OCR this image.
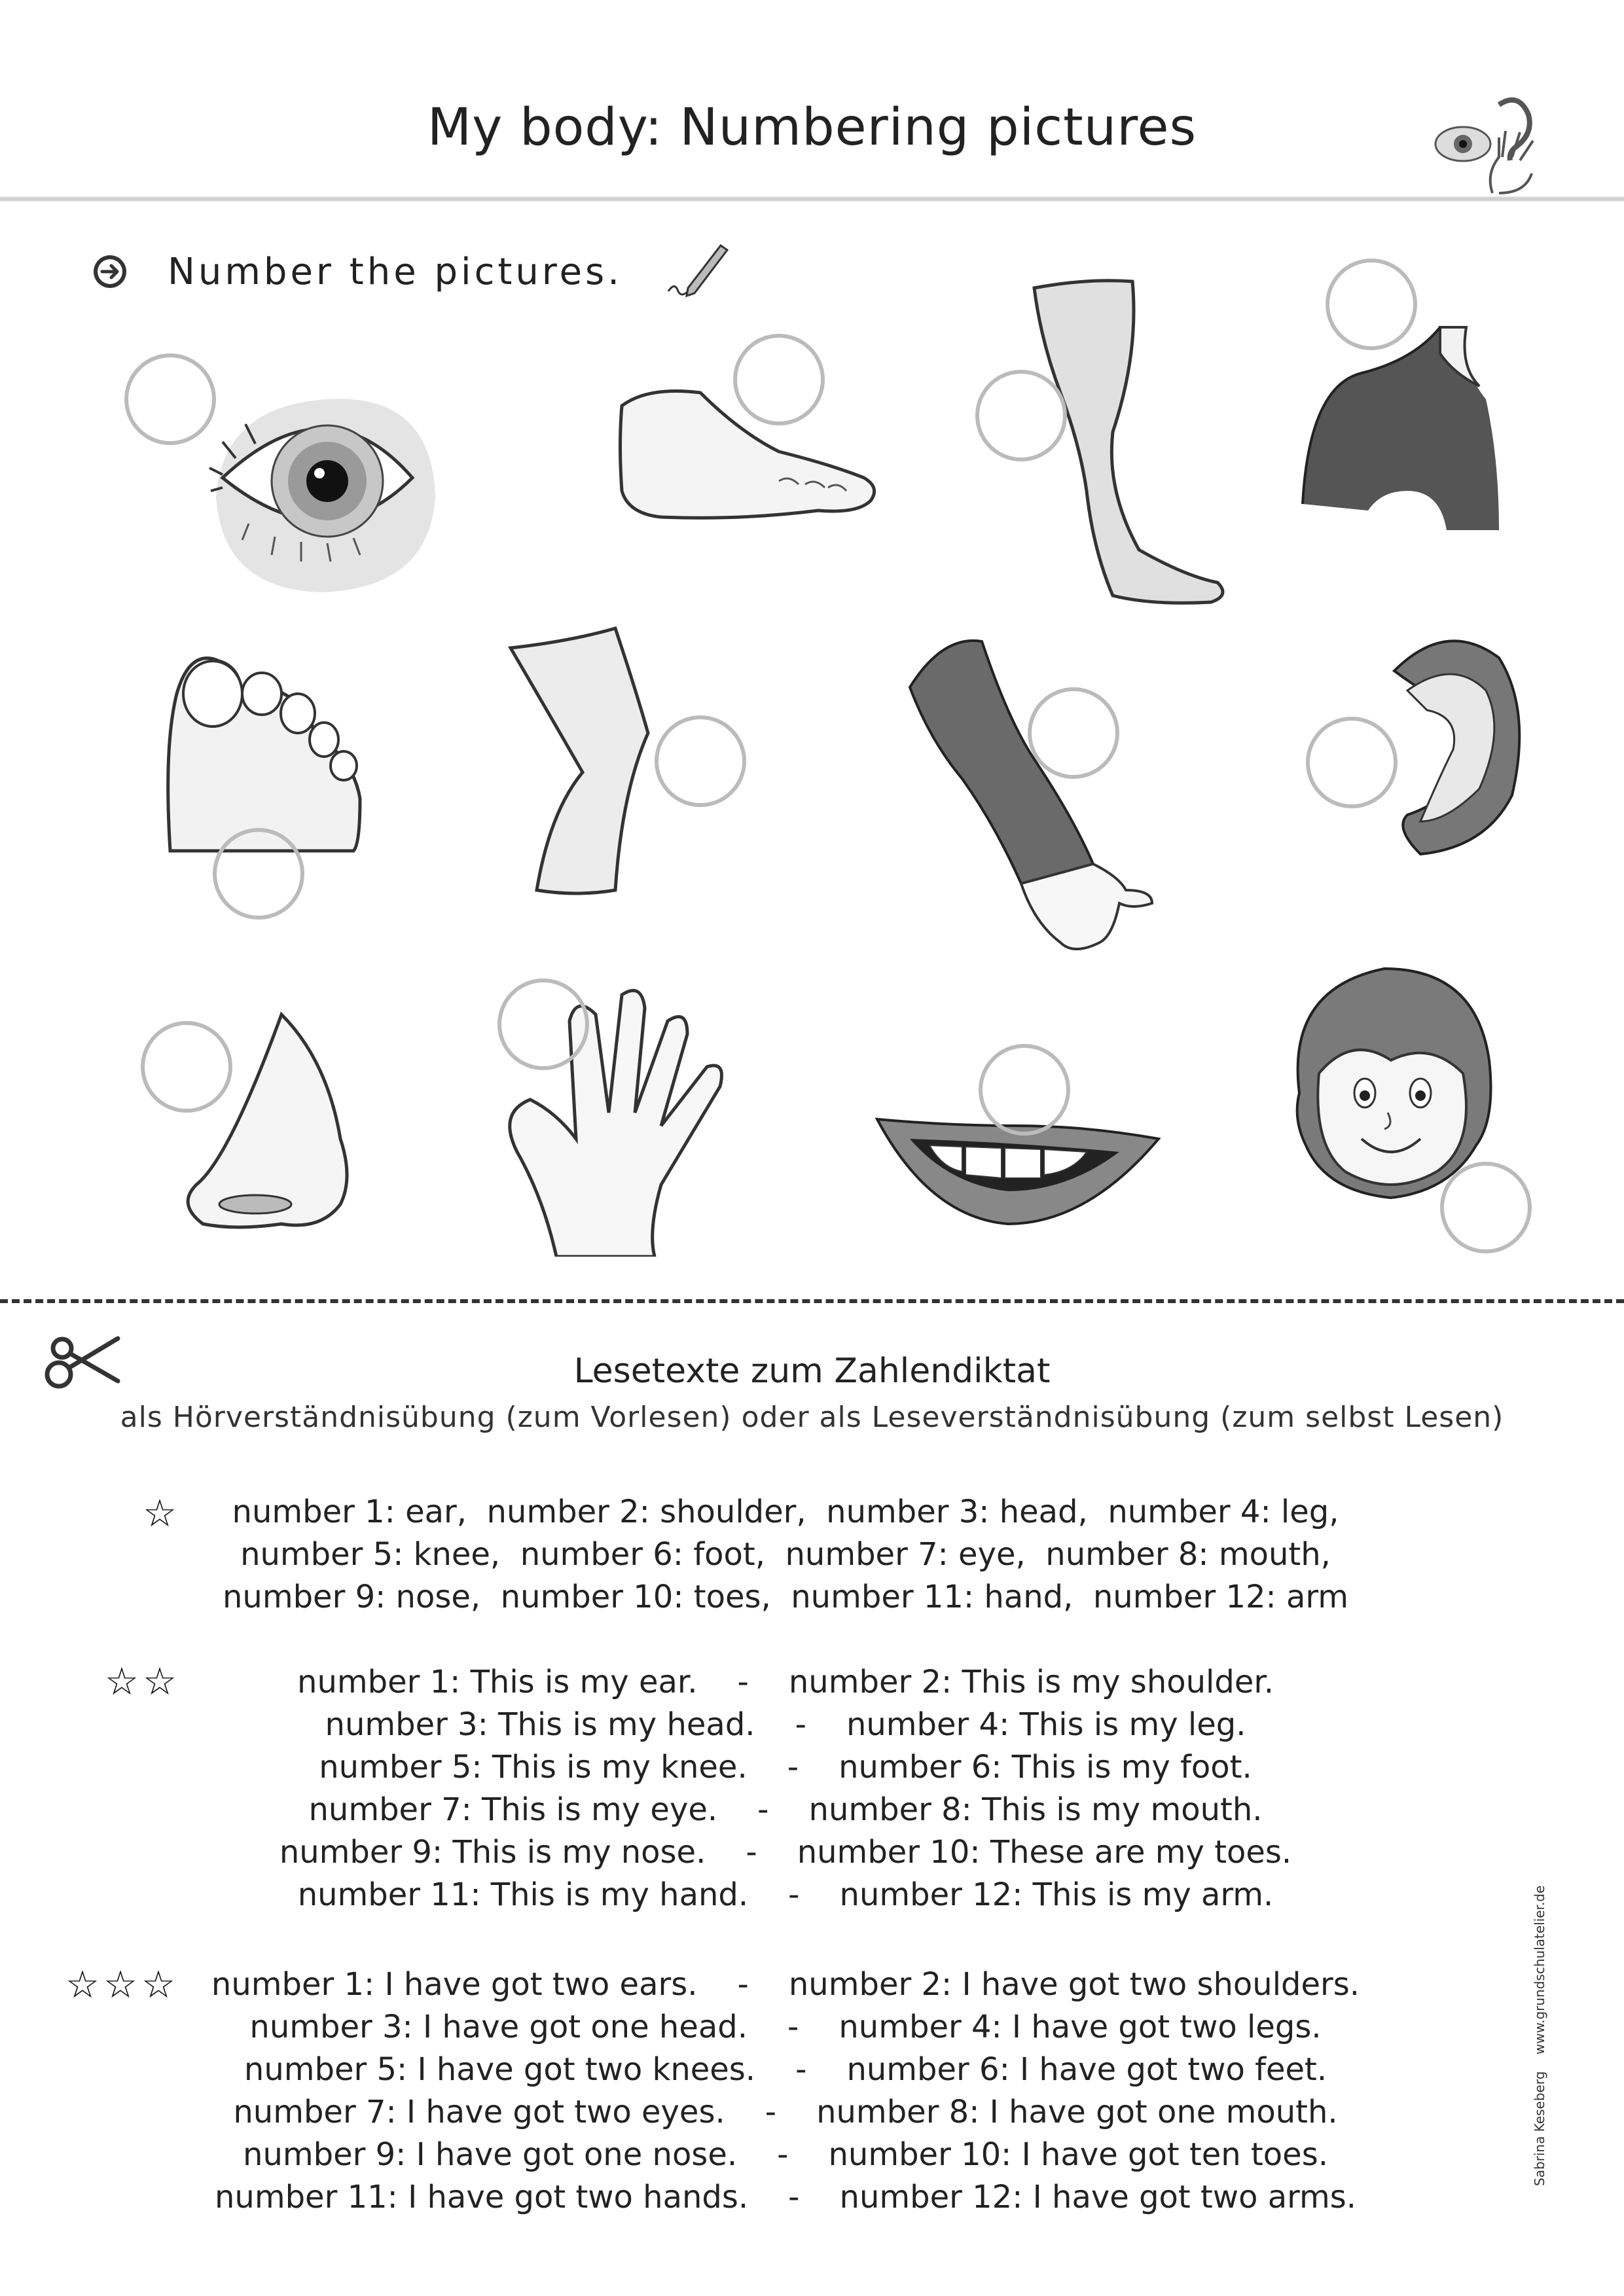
My body: Numbering pictures
Number the pictures.
Lesetexte zum Zahlendiktat
als Hörverständnisübung (zum Vorlesen) oder als Leseverständnisübung (zum selbst Lesen)
☆	number 1: ear,  number 2: shoulder,  number 3: head,  number 4: leg,
number 5: knee,  number 6: foot,  number 7: eye,  number 8: mouth,
number 9: nose,  number 10: toes,  number 11: hand,  number 12: arm
☆☆	number 1: This is my ear.    -    number 2: This is my shoulder.
number 3: This is my head.    -    number 4: This is my leg.
number 5: This is my knee.    -    number 6: This is my foot.
number 7: This is my eye.    -    number 8: This is my mouth.
number 9: This is my nose.    -    number 10: These are my toes.
number 11: This is my hand.    -    number 12: This is my arm.
☆☆☆	number 1: I have got two ears.    -    number 2: I have got two shoulders.
number 3: I have got one head.    -    number 4: I have got two legs.
number 5: I have got two knees.    -    number 6: I have got two feet.
number 7: I have got two eyes.    -    number 8: I have got one mouth.
number 9: I have got one nose.    -    number 10: I have got ten toes.
number 11: I have got two hands.    -    number 12: I have got two arms.
Sabrina Keseberg    www.grundschulatelier.de
